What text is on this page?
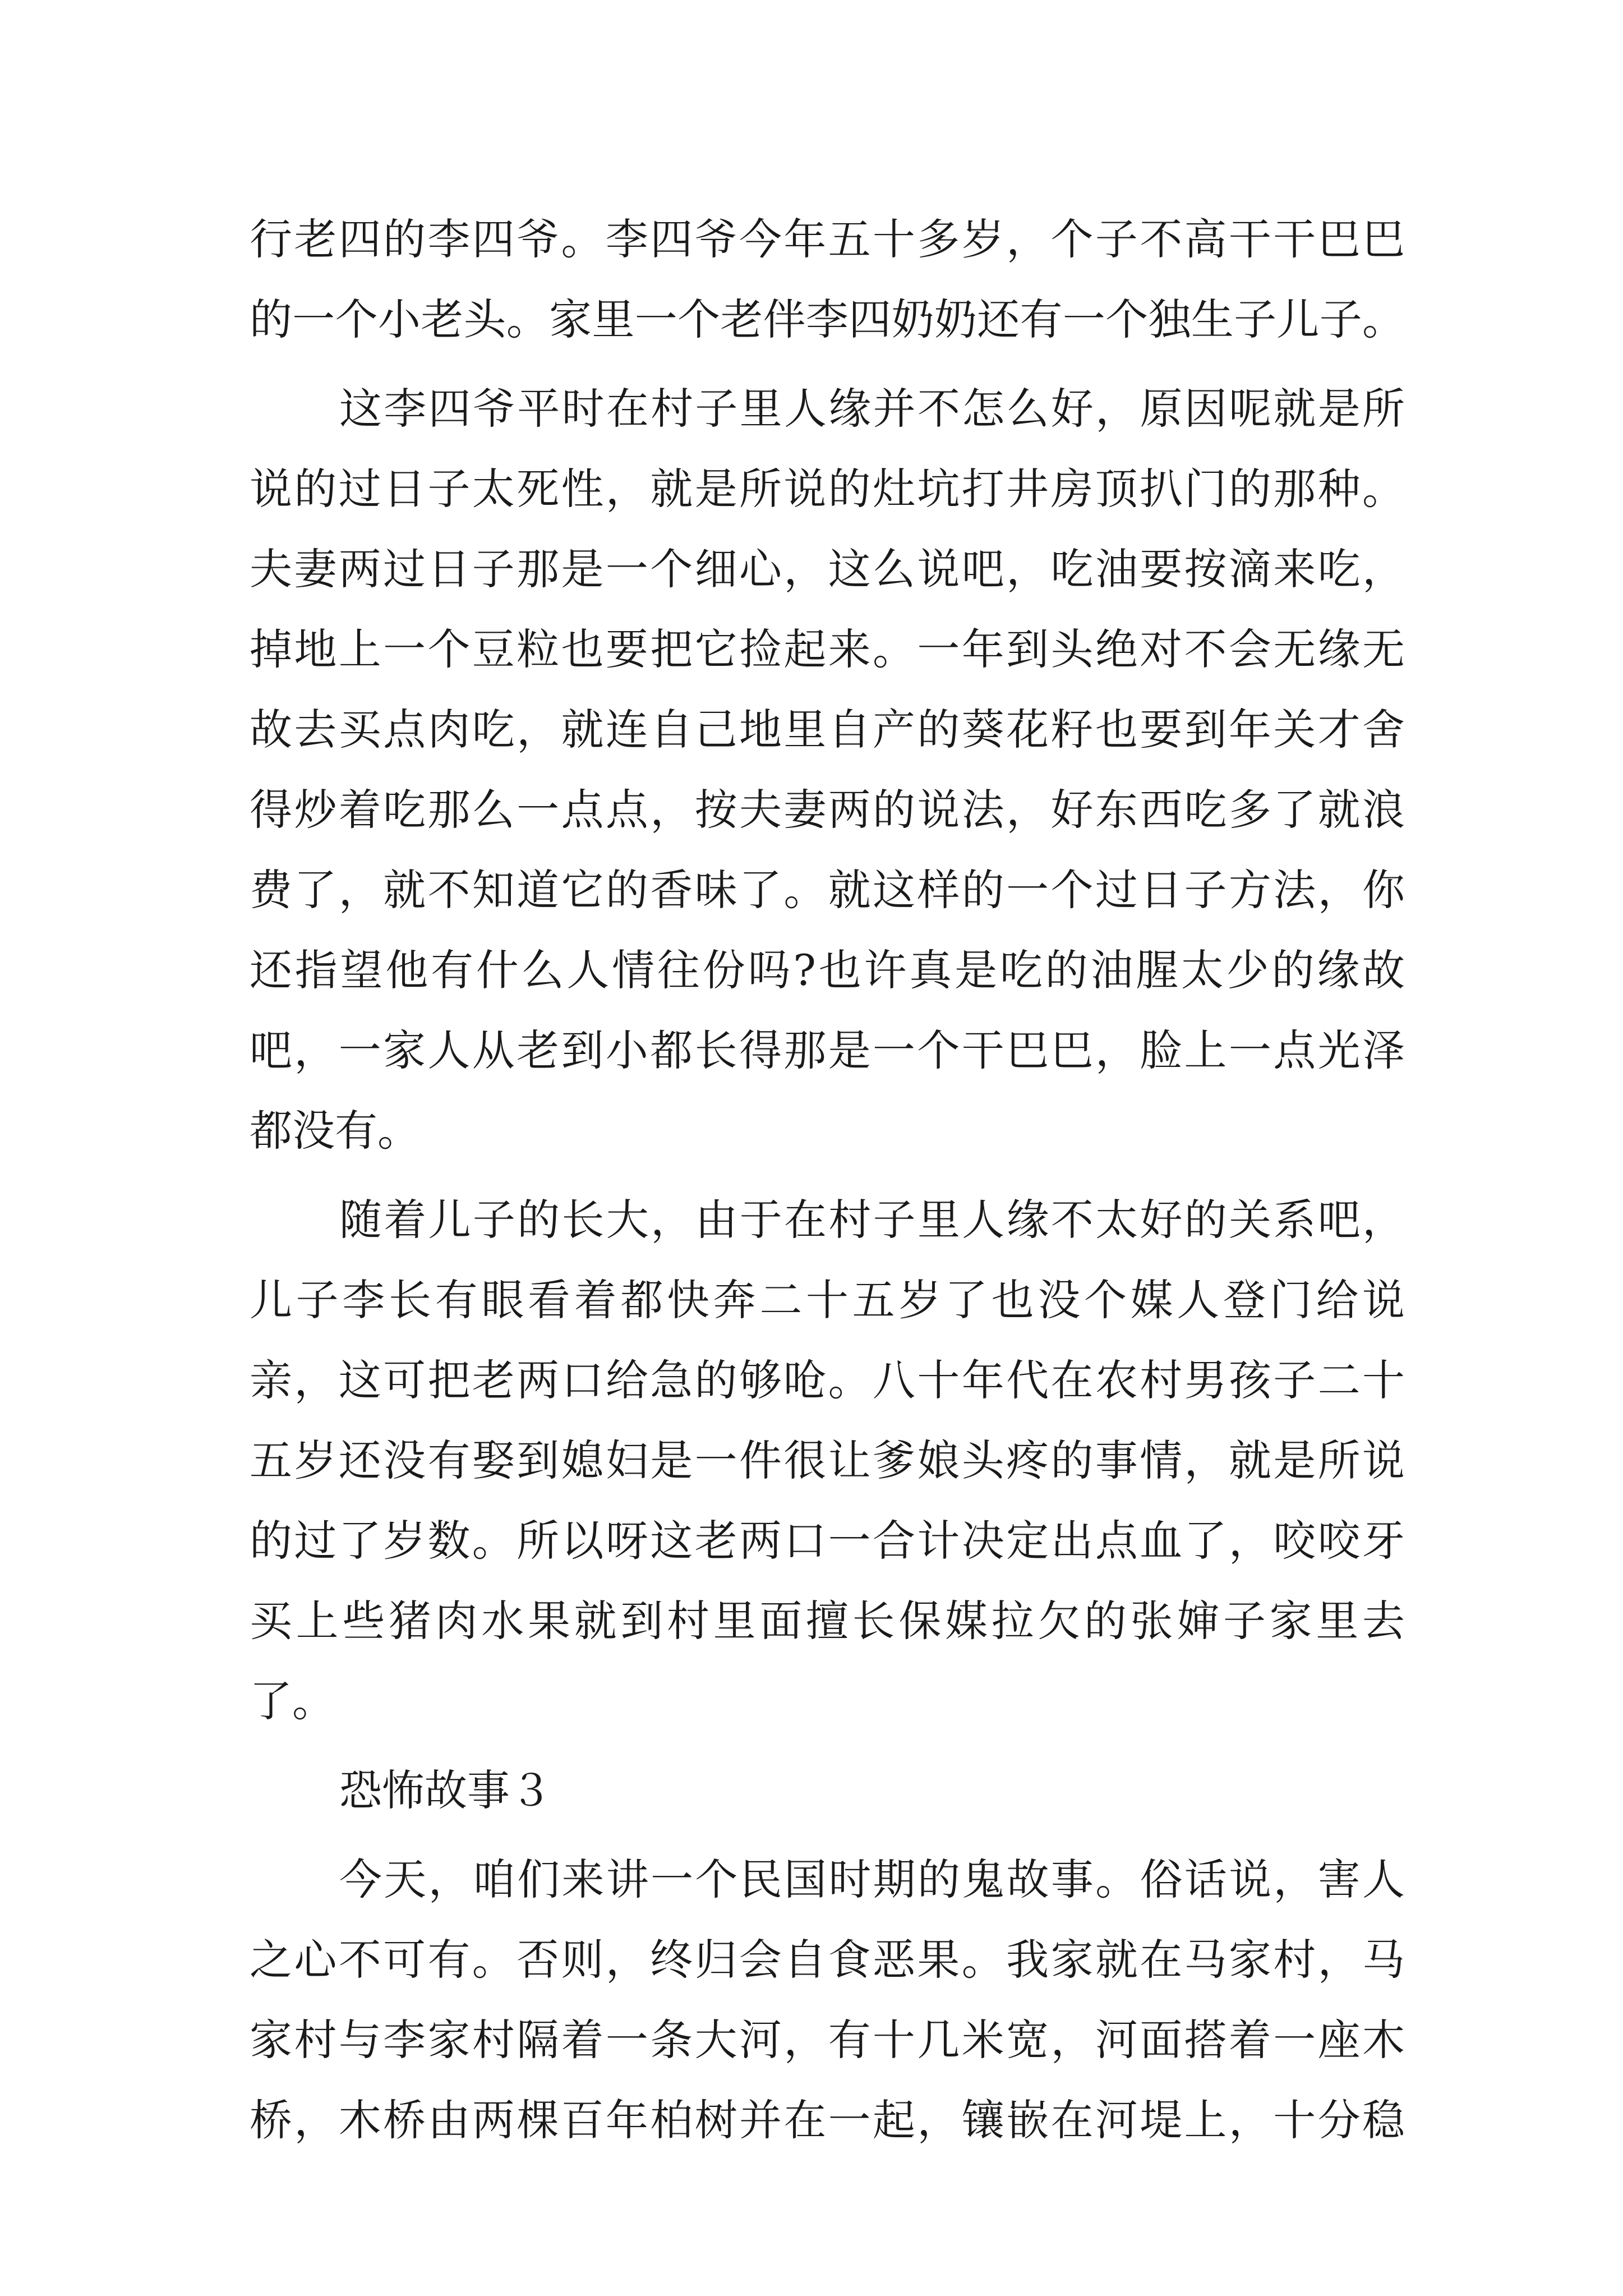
行老四的李四爷。李四爷今年五十多岁，个子不高干干巴巴
的一个小老头。家里一个老伴李四奶奶还有一个独生子儿子。
这李四爷平时在村子里人缘并不怎么好，原因呢就是所
说的过日子太死性，就是所说的灶坑打井房顶扒门的那种。
夫妻两过日子那是一个细心，这么说吧，吃油要按滴来吃，
掉地上一个豆粒也要把它捡起来。一年到头绝对不会无缘无
故去买点肉吃，就连自己地里自产的葵花籽也要到年关才舍
得炒着吃那么一点点，按夫妻两的说法，好东西吃多了就浪
费了，就不知道它的香味了。就这样的一个过日子方法，你
还指望他有什么人情往份吗?也许真是吃的油腥太少的缘故
吧，一家人从老到小都长得那是一个干巴巴，脸上一点光泽
都没有。
随着儿子的长大，由于在村子里人缘不太好的关系吧，
儿子李长有眼看着都快奔二十五岁了也没个媒人登门给说
亲，这可把老两口给急的够呛。八十年代在农村男孩子二十
五岁还没有娶到媳妇是一件很让爹娘头疼的事情，就是所说
的过了岁数。所以呀这老两口一合计决定出点血了，咬咬牙
买上些猪肉水果就到村里面擅长保媒拉欠的张婶子家里去
了。
恐怖故事３
今天，咱们来讲一个民国时期的鬼故事。俗话说，害人
之心不可有。否则，终归会自食恶果。我家就在马家村，马
家村与李家村隔着一条大河，有十几米宽，河面搭着一座木
桥，木桥由两棵百年柏树并在一起，镶嵌在河堤上，十分稳
